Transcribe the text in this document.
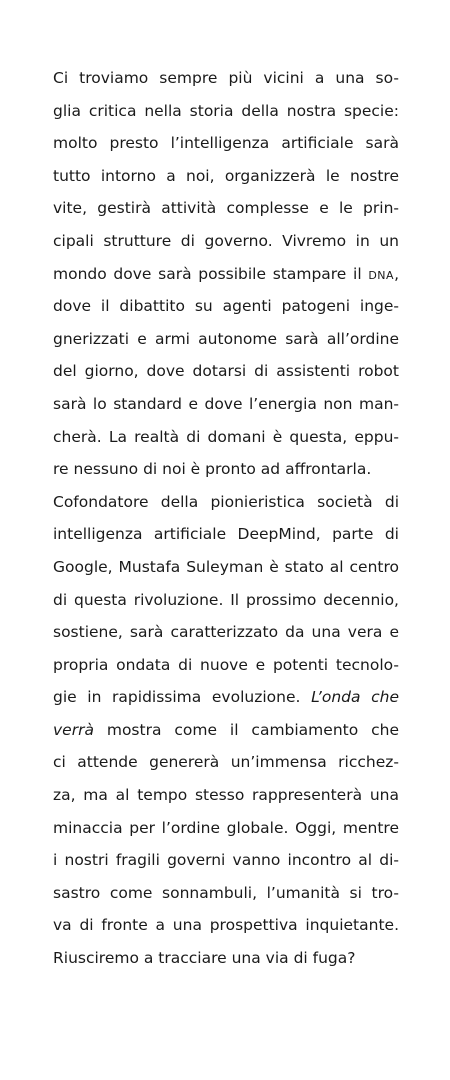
Ci troviamo sempre più vicini a una so-
glia critica nella storia della nostra specie:
molto presto l’intelligenza artificiale sarà
tutto intorno a noi, organizzerà le nostre
vite, gestirà attività complesse e le prin-
cipali strutture di governo. Vivremo in un
mondo dove sarà possibile stampare il DNA,
dove il dibattito su agenti patogeni inge-
gnerizzati e armi autonome sarà all’ordine
del giorno, dove dotarsi di assistenti robot
sarà lo standard e dove l’energia non man-
cherà. La realtà di domani è questa, eppu-
re nessuno di noi è pronto ad affrontarla.
Cofondatore della pionieristica società di
intelligenza artificiale DeepMind, parte di
Google, Mustafa Suleyman è stato al centro
di questa rivoluzione. Il prossimo decennio,
sostiene, sarà caratterizzato da una vera e
propria ondata di nuove e potenti tecnolo-
gie in rapidissima evoluzione. L’onda che
verrà mostra come il cambiamento che
ci attende genererà un’immensa ricchez-
za, ma al tempo stesso rappresenterà una
minaccia per l’ordine globale. Oggi, mentre
i nostri fragili governi vanno incontro al di-
sastro come sonnambuli, l’umanità si tro-
va di fronte a una prospettiva inquietante.
Riusciremo a tracciare una via di fuga?
